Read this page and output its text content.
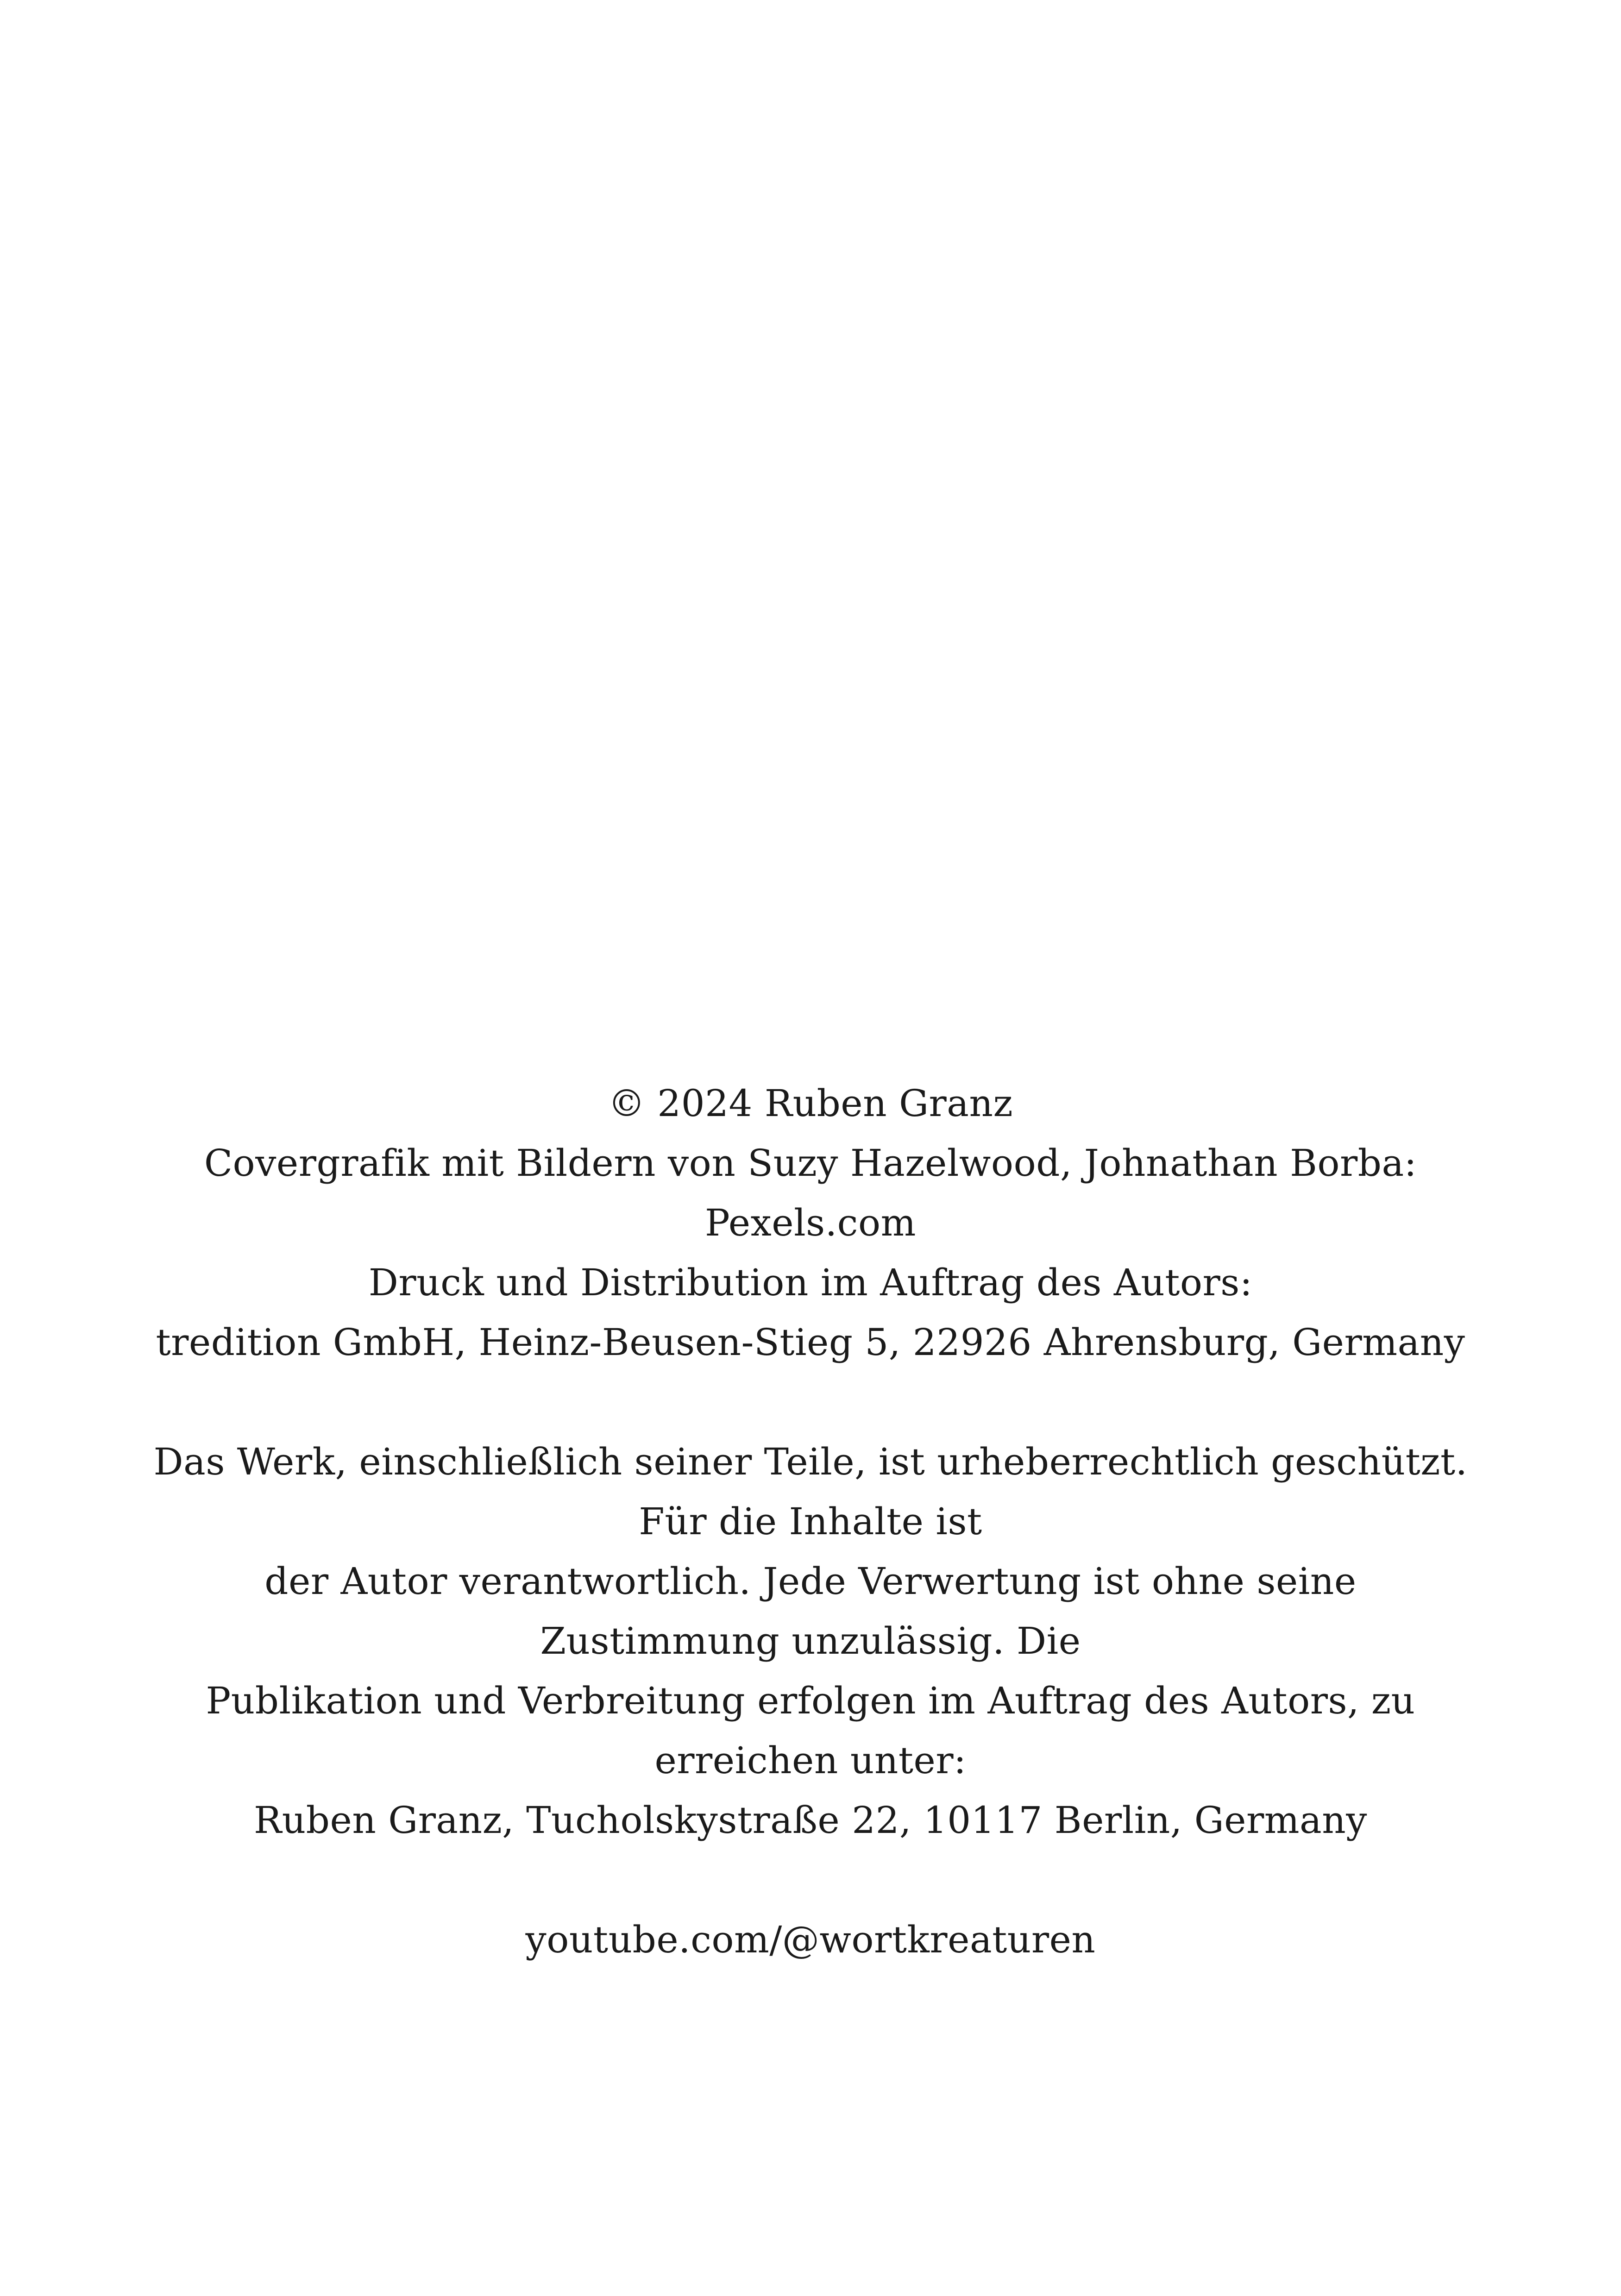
© 2024 Ruben Granz
Covergrafik mit Bildern von Suzy Hazelwood, Johnathan Borba:
Pexels.com
Druck und Distribution im Auftrag des Autors:
tredition GmbH, Heinz-Beusen-Stieg 5, 22926 Ahrensburg, Germany
Das Werk, einschließlich seiner Teile, ist urheberrechtlich geschützt.
Für die Inhalte ist
der Autor verantwortlich. Jede Verwertung ist ohne seine
Zustimmung unzulässig. Die
Publikation und Verbreitung erfolgen im Auftrag des Autors, zu
erreichen unter:
Ruben Granz, Tucholskystraße 22, 10117 Berlin, Germany
youtube.com/@wortkreaturen
